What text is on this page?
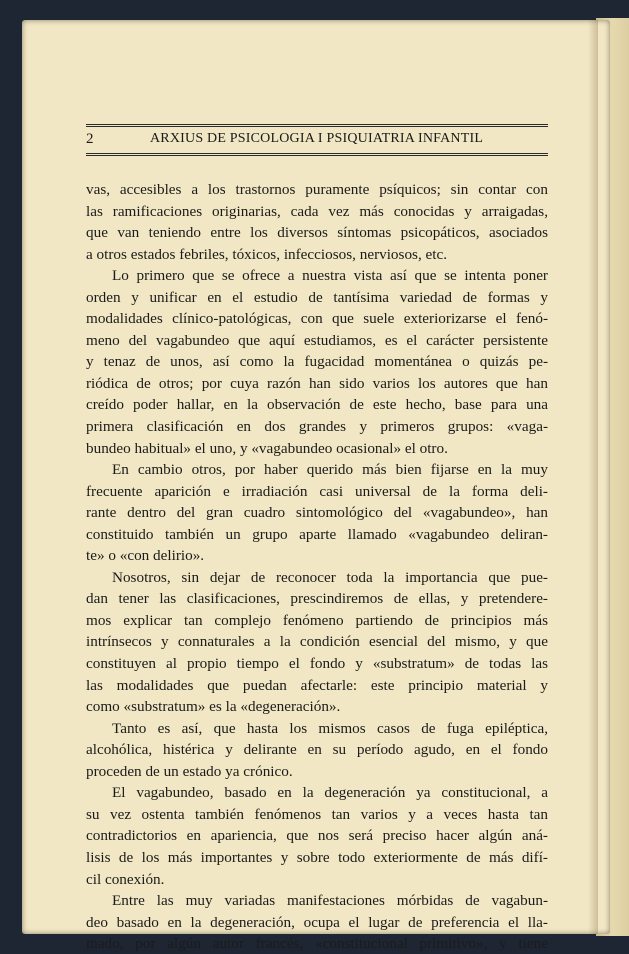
2	ARXIUS DE PSICOLOGIA I PSIQUIATRIA INFANTIL
vas, accesibles a los trastornos puramente psíquicos; sin contar con
las ramificaciones originarias, cada vez más conocidas y arraigadas,
que van teniendo entre los diversos síntomas psicopáticos, asociados
a otros estados febriles, tóxicos, infecciosos, nerviosos, etc.
Lo primero que se ofrece a nuestra vista así que se intenta poner
orden y unificar en el estudio de tantísima variedad de formas y
modalidades clínico-patológicas, con que suele exteriorizarse el fenó-
meno del vagabundeo que aquí estudiamos, es el carácter persistente
y tenaz de unos, así como la fugacidad momentánea o quizás pe-
riódica de otros; por cuya razón han sido varios los autores que han
creído poder hallar, en la observación de este hecho, base para una
primera clasificación en dos grandes y primeros grupos: «vaga-
bundeo habitual» el uno, y «vagabundeo ocasional» el otro.
En cambio otros, por haber querido más bien fijarse en la muy
frecuente aparición e irradiación casi universal de la forma deli-
rante dentro del gran cuadro sintomológico del «vagabundeo», han
constituido también un grupo aparte llamado «vagabundeo deliran-
te» o «con delirio».
Nosotros, sin dejar de reconocer toda la importancia que pue-
dan tener las clasificaciones, prescindiremos de ellas, y pretendere-
mos explicar tan complejo fenómeno partiendo de principios más
intrínsecos y connaturales a la condición esencial del mismo, y que
constituyen al propio tiempo el fondo y «substratum» de todas las
las modalidades que puedan afectarle: este principio material y
como «substratum» es la «degeneración».
Tanto es así, que hasta los mismos casos de fuga epiléptica,
alcohólica, histérica y delirante en su período agudo, en el fondo
proceden de un estado ya crónico.
El vagabundeo, basado en la degeneración ya constitucional, a
su vez ostenta también fenómenos tan varios y a veces hasta tan
contradictorios en apariencia, que nos será preciso hacer algún aná-
lisis de los más importantes y sobre todo exteriormente de más difí-
cil conexión.
Entre las muy variadas manifestaciones mórbidas de vagabun-
deo basado en la degeneración, ocupa el lugar de preferencia el lla-
mado, por algún autor francés, «constitucional primitivo», y tiene
